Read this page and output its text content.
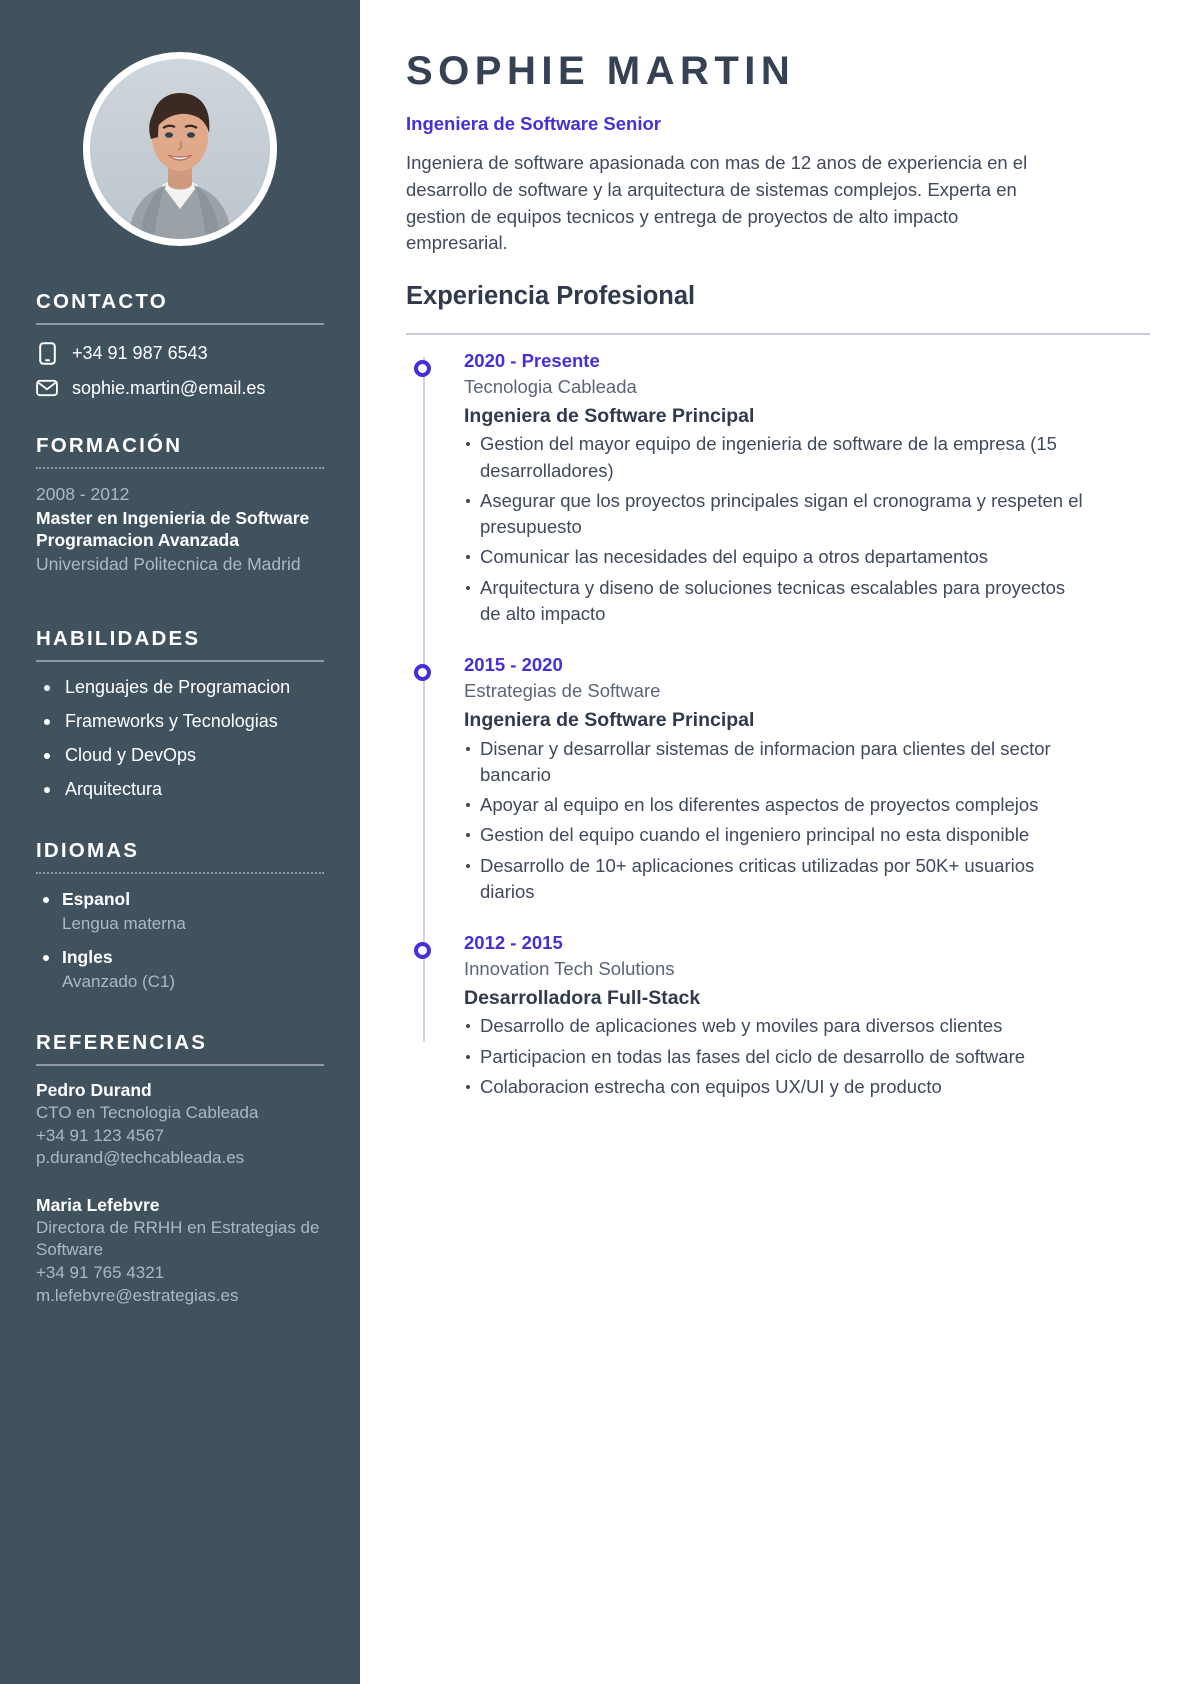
CONTACTO
+34 91 987 6543
sophie.martin@email.es
FORMACIÓN
2008 - 2012
Master en Ingenieria de Software Programacion Avanzada
Universidad Politecnica de Madrid
HABILIDADES
Lenguajes de Programacion
Frameworks y Tecnologias
Cloud y DevOps
Arquitectura
IDIOMAS
Espanol
Lengua materna
Ingles
Avanzado (C1)
REFERENCIAS
Pedro Durand
CTO en Tecnologia Cableada
+34 91 123 4567
p.durand@techcableada.es
Maria Lefebvre
Directora de RRHH en Estrategias de Software
+34 91 765 4321
m.lefebvre@estrategias.es
SOPHIE MARTIN
Ingeniera de Software Senior

Ingeniera de software apasionada con mas de 12 anos de experiencia en el desarrollo de software y la arquitectura de sistemas complejos. Experta en gestion de equipos tecnicos y entrega de proyectos de alto impacto empresarial.

Experiencia Profesional
2020 - Presente
Tecnologia Cableada
Ingeniera de Software Principal
Gestion del mayor equipo de ingenieria de software de la empresa (15 desarrolladores)
Asegurar que los proyectos principales sigan el cronograma y respeten el presupuesto
Comunicar las necesidades del equipo a otros departamentos
Arquitectura y diseno de soluciones tecnicas escalables para proyectos de alto impacto
2015 - 2020
Estrategias de Software
Ingeniera de Software Principal
Disenar y desarrollar sistemas de informacion para clientes del sector bancario
Apoyar al equipo en los diferentes aspectos de proyectos complejos
Gestion del equipo cuando el ingeniero principal no esta disponible
Desarrollo de 10+ aplicaciones criticas utilizadas por 50K+ usuarios diarios
2012 - 2015
Innovation Tech Solutions
Desarrolladora Full-Stack
Desarrollo de aplicaciones web y moviles para diversos clientes
Participacion en todas las fases del ciclo de desarrollo de software
Colaboracion estrecha con equipos UX/UI y de producto
